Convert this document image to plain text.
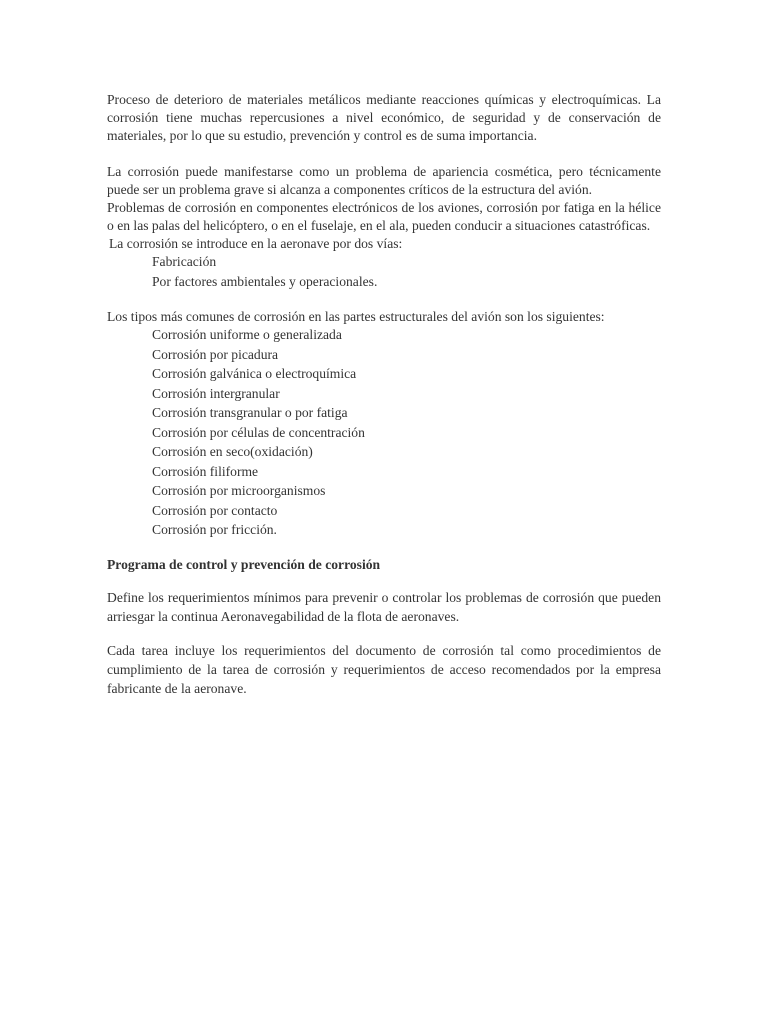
Proceso de deterioro de materiales metálicos mediante reacciones químicas y electroquímicas. La corrosión tiene muchas repercusiones a nivel económico, de seguridad y de conservación de materiales, por lo que su estudio, prevención y control es de suma importancia.

La corrosión puede manifestarse como un problema de apariencia cosmética, pero técnicamente puede ser un problema grave si alcanza a componentes críticos de la estructura del avión.

Problemas de corrosión en componentes electrónicos de los aviones, corrosión por fatiga en la hélice o en las palas del helicóptero, o en el fuselaje, en el ala, pueden conducir a situaciones catastróficas.

La corrosión se introduce en la aeronave por dos vías:

Fabricación
Por factores ambientales y operacionales.

Los tipos más comunes de corrosión en las partes estructurales del avión son los siguientes:

Corrosión uniforme o generalizada
Corrosión por picadura
Corrosión galvánica o electroquímica
Corrosión intergranular
Corrosión transgranular o por fatiga
Corrosión por células de concentración
Corrosión en seco(oxidación)
Corrosión filiforme
Corrosión por microorganismos
Corrosión por contacto
Corrosión por fricción.
Programa de control y prevención de corrosión

Define los requerimientos mínimos para prevenir o controlar los problemas de corrosión que pueden arriesgar la continua Aeronavegabilidad de la flota de aeronaves.

Cada tarea incluye los requerimientos del documento de corrosión tal como procedimientos de cumplimiento de la tarea de corrosión y requerimientos de acceso recomendados por la empresa fabricante de la aeronave.
